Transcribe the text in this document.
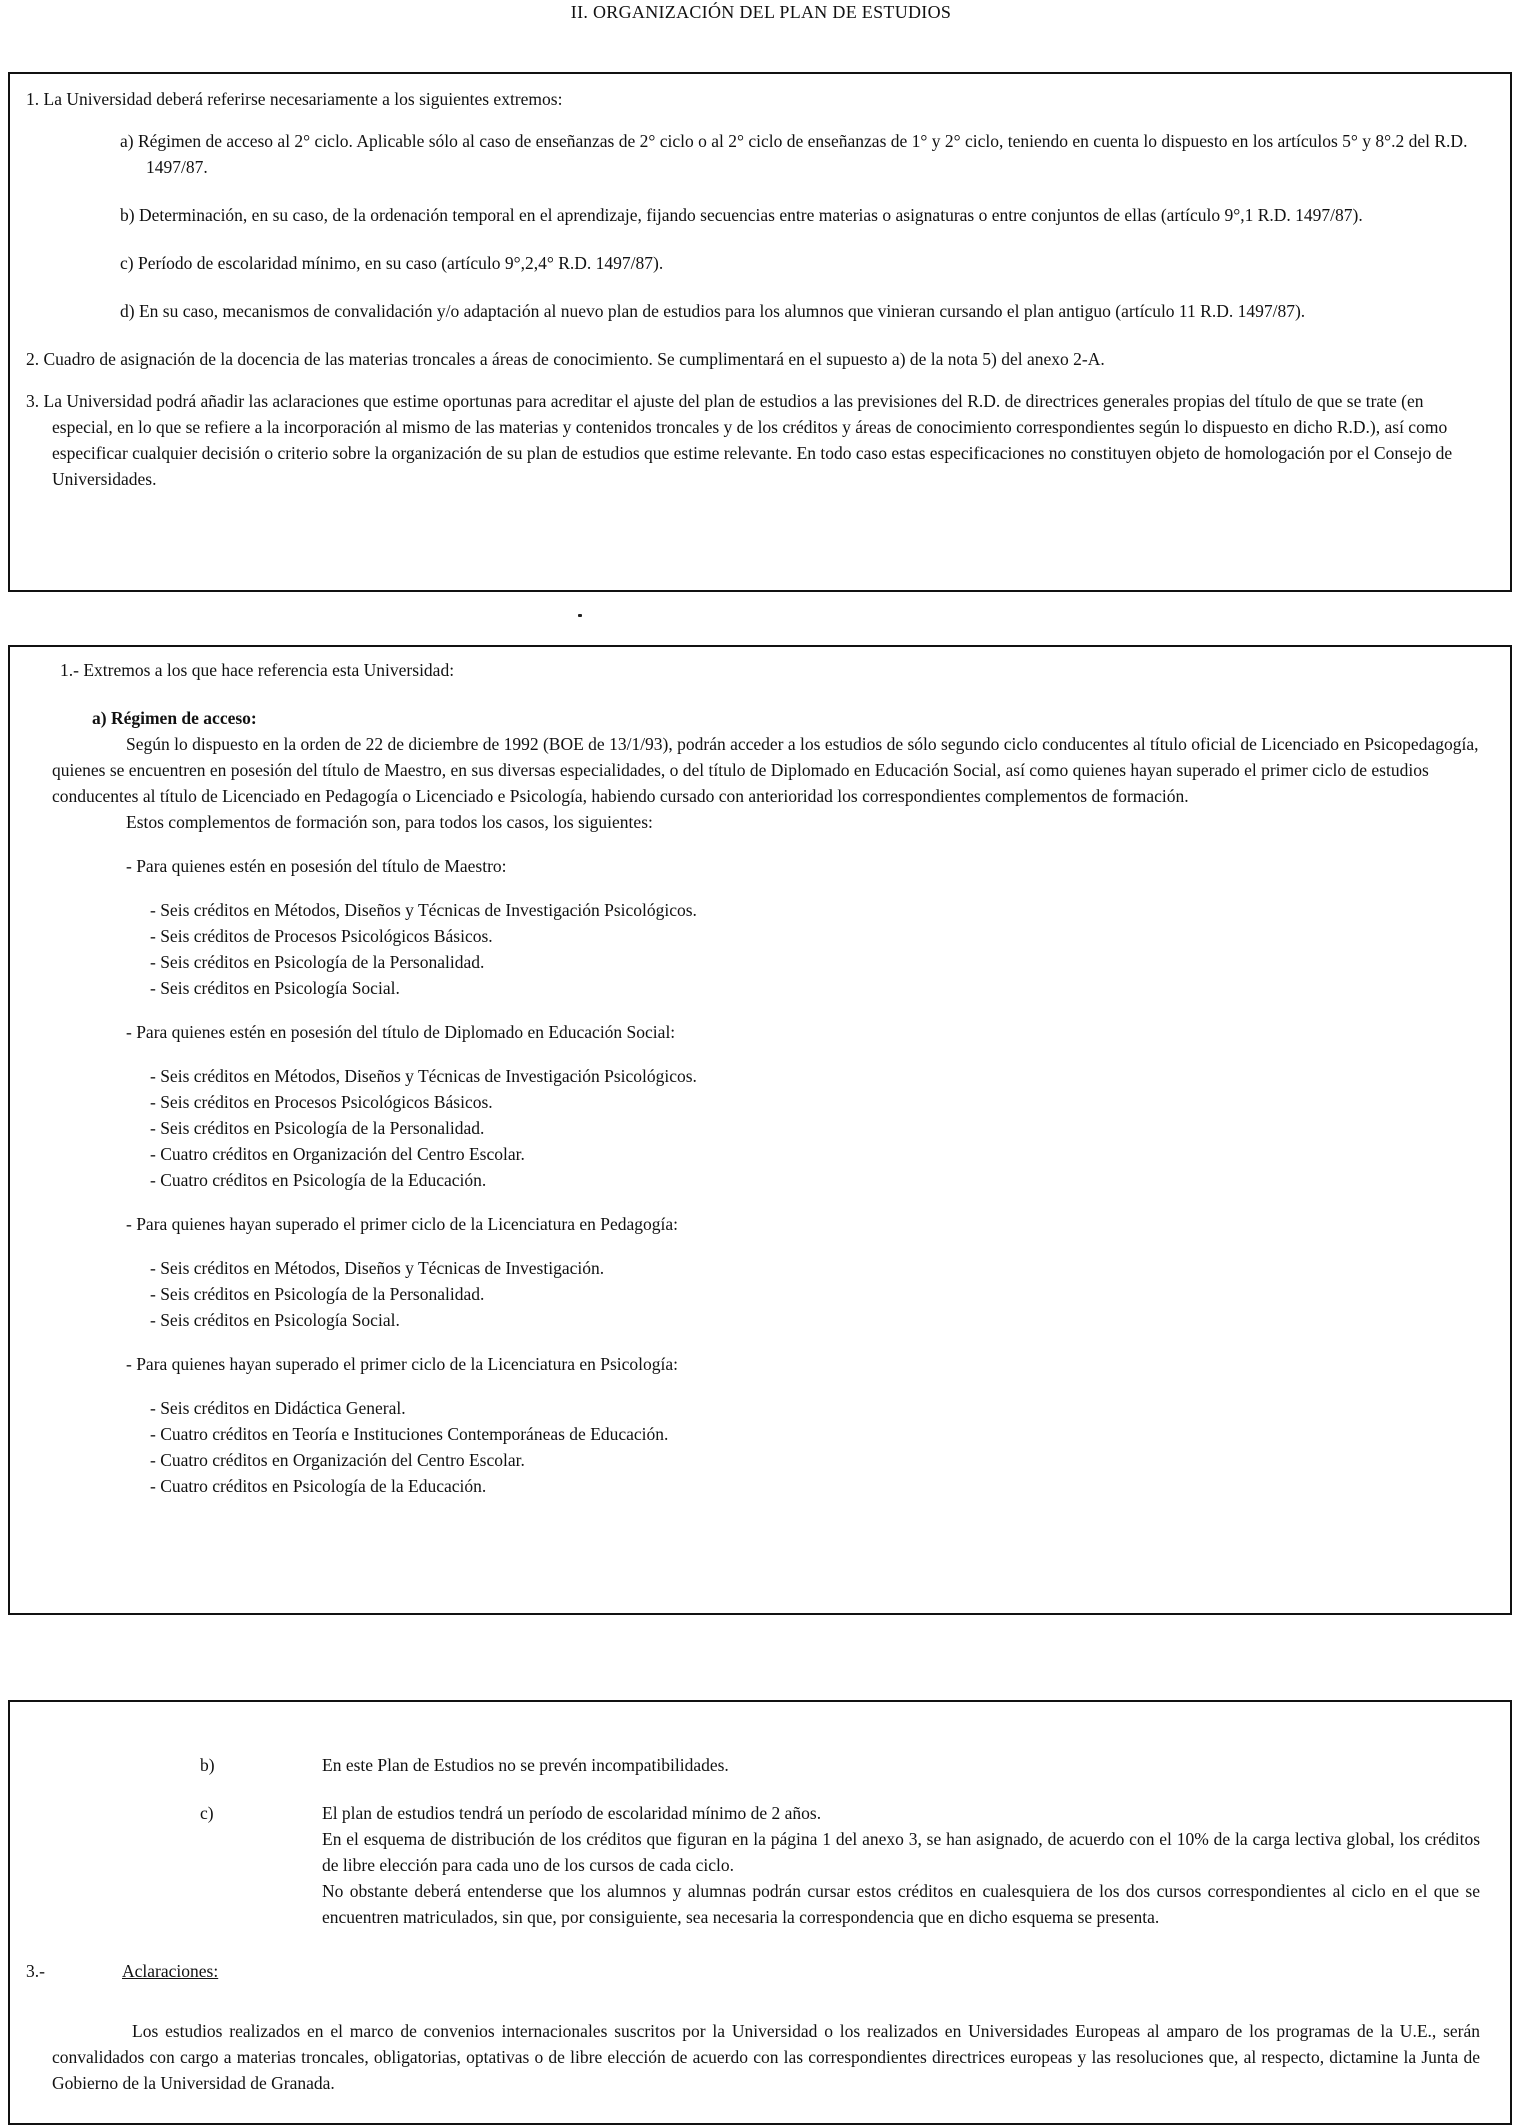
II. ORGANIZACIÓN DEL PLAN DE ESTUDIOS
1. La Universidad deberá referirse necesariamente a los siguientes extremos:
a) Régimen de acceso al 2° ciclo. Aplicable sólo al caso de enseñanzas de 2° ciclo o al 2° ciclo de enseñanzas de 1° y 2° ciclo, teniendo en cuenta lo dispuesto en los artículos 5° y 8°.2 del R.D. 1497/87.
b) Determinación, en su caso, de la ordenación temporal en el aprendizaje, fijando secuencias entre materias o asignaturas o entre conjuntos de ellas (artículo 9°,1 R.D. 1497/87).
c) Período de escolaridad mínimo, en su caso (artículo 9°,2,4° R.D. 1497/87).
d) En su caso, mecanismos de convalidación y/o adaptación al nuevo plan de estudios para los alumnos que vinieran cursando el plan antiguo (artículo 11 R.D. 1497/87).
2. Cuadro de asignación de la docencia de las materias troncales a áreas de conocimiento. Se cumplimentará en el supuesto a) de la nota 5) del anexo 2-A.
3. La Universidad podrá añadir las aclaraciones que estime oportunas para acreditar el ajuste del plan de estudios a las previsiones del R.D. de directrices generales propias del título de que se trate (en especial, en lo que se refiere a la incorporación al mismo de las materias y contenidos troncales y de los créditos y áreas de conocimiento correspondientes según lo dispuesto en dicho R.D.), así como especificar cualquier decisión o criterio sobre la organización de su plan de estudios que estime relevante. En todo caso estas especificaciones no constituyen objeto de homologación por el Consejo de Universidades.
1.- Extremos a los que hace referencia esta Universidad:
a) Régimen de acceso:
Según lo dispuesto en la orden de 22 de diciembre de 1992 (BOE de 13/1/93), podrán acceder a los estudios de sólo segundo ciclo conducentes al título oficial de Licenciado en Psicopedagogía, quienes se encuentren en posesión del título de Maestro, en sus diversas especialidades, o del título de Diplomado en Educación Social, así como quienes hayan superado el primer ciclo de estudios conducentes al título de Licenciado en Pedagogía o Licenciado e Psicología, habiendo cursado con anterioridad los correspondientes complementos de formación.
Estos complementos de formación son, para todos los casos, los siguientes:
- Para quienes estén en posesión del título de Maestro:
- Seis créditos en Métodos, Diseños y Técnicas de Investigación Psicológicos.
- Seis créditos de Procesos Psicológicos Básicos.
- Seis créditos en Psicología de la Personalidad.
- Seis créditos en Psicología Social.
- Para quienes estén en posesión del título de Diplomado en Educación Social:
- Seis créditos en Métodos, Diseños y Técnicas de Investigación Psicológicos.
- Seis créditos en Procesos Psicológicos Básicos.
- Seis créditos en Psicología de la Personalidad.
- Cuatro créditos en Organización del Centro Escolar.
- Cuatro créditos en Psicología de la Educación.
- Para quienes hayan superado el primer ciclo de la Licenciatura en Pedagogía:
- Seis créditos en Métodos, Diseños y Técnicas de Investigación.
- Seis créditos en Psicología de la Personalidad.
- Seis créditos en Psicología Social.
- Para quienes hayan superado el primer ciclo de la Licenciatura en Psicología:
- Seis créditos en Didáctica General.
- Cuatro créditos en Teoría e Instituciones Contemporáneas de Educación.
- Cuatro créditos en Organización del Centro Escolar.
- Cuatro créditos en Psicología de la Educación.
b)	En este Plan de Estudios no se prevén incompatibilidades.
c)	El plan de estudios tendrá un período de escolaridad mínimo de 2 años.
En el esquema de distribución de los créditos que figuran en la página 1 del anexo 3, se han asignado, de acuerdo con el 10% de la carga lectiva global, los créditos de libre elección para cada uno de los cursos de cada ciclo.
No obstante deberá entenderse que los alumnos y alumnas podrán cursar estos créditos en cualesquiera de los dos cursos correspondientes al ciclo en el que se encuentren matriculados, sin que, por consiguiente, sea necesaria la correspondencia que en dicho esquema se presenta.
3.-	Aclaraciones:
Los estudios realizados en el marco de convenios internacionales suscritos por la Universidad o los realizados en Universidades Europeas al amparo de los programas de la U.E., serán convalidados con cargo a materias troncales, obligatorias, optativas o de libre elección de acuerdo con las correspondientes directrices europeas y las resoluciones que, al respecto, dictamine la Junta de Gobierno de la Universidad de Granada.
